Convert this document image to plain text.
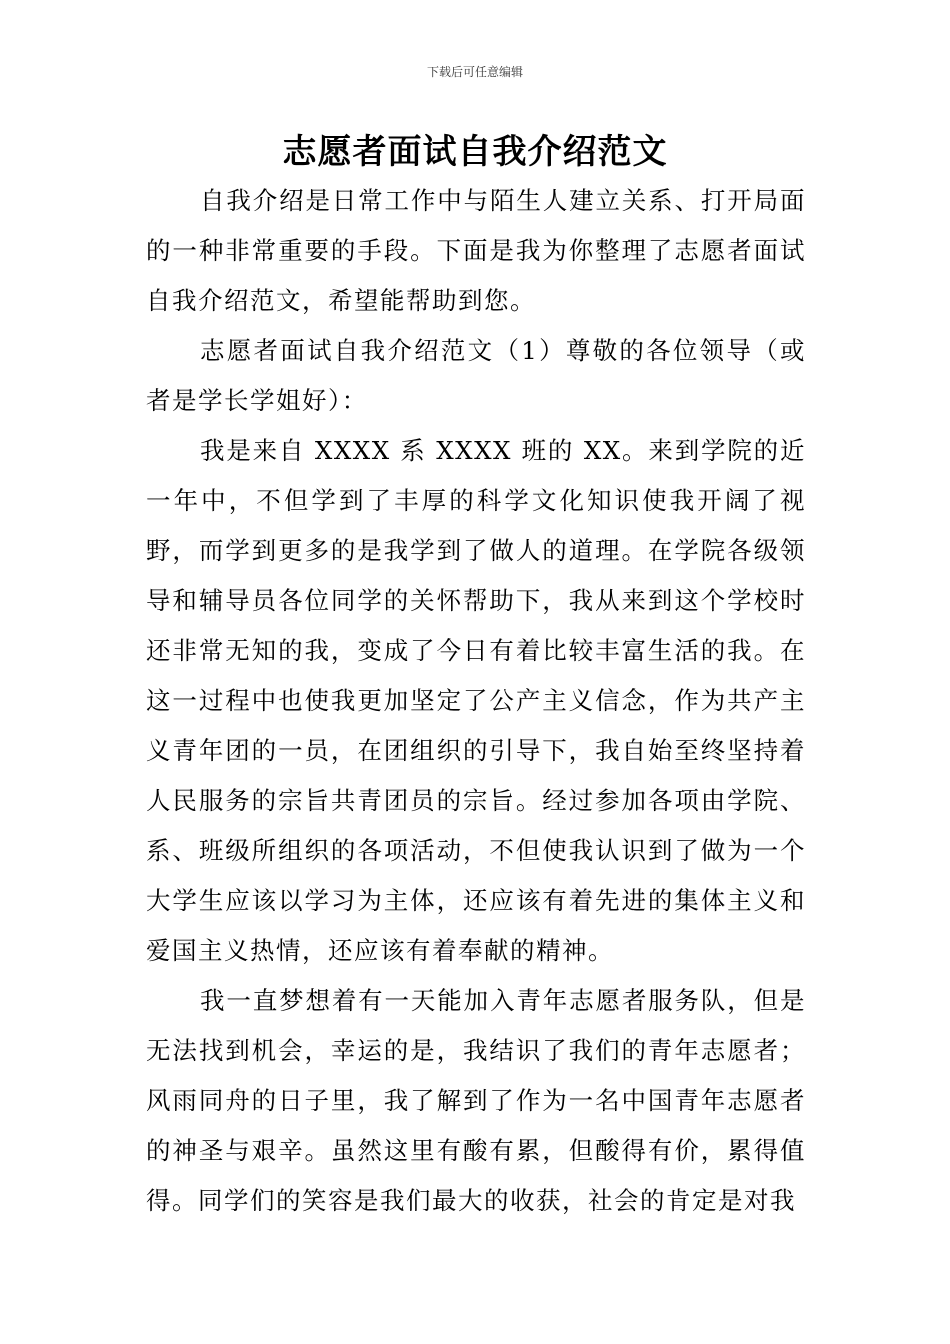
下载后可任意编辑
志愿者面试自我介绍范文

自我介绍是日常工作中与陌生人建立关系、打开局面的一种非常重要的手段。下面是我为你整理了志愿者面试自我介绍范文，希望能帮助到您。

志愿者面试自我介绍范文（1）尊敬的各位领导（或者是学长学姐好）：

我是来自 XXXX 系 XXXX 班的 XX。来到学院的近一年中，不但学到了丰厚的科学文化知识使我开阔了视野，而学到更多的是我学到了做人的道理。在学院各级领导和辅导员各位同学的关怀帮助下，我从来到这个学校时还非常无知的我，变成了今日有着比较丰富生活的我。在这一过程中也使我更加坚定了公产主义信念，作为共产主义青年团的一员，在团组织的引导下，我自始至终坚持着人民服务的宗旨共青团员的宗旨。经过参加各项由学院、系、班级所组织的各项活动，不但使我认识到了做为一个大学生应该以学习为主体，还应该有着先进的集体主义和爱国主义热情，还应该有着奉献的精神。

我一直梦想着有一天能加入青年志愿者服务队，但是无法找到机会，幸运的是，我结识了我们的青年志愿者；风雨同舟的日子里，我了解到了作为一名中国青年志愿者的神圣与艰辛。虽然这里有酸有累，但酸得有价，累得值得。同学们的笑容是我们最大的收获，社会的肯定是对我
